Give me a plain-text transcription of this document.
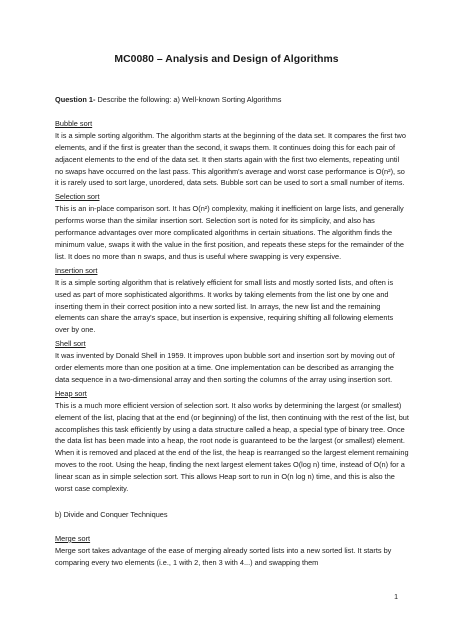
MC0080 – Analysis and Design of Algorithms

Question 1- Describe the following: a) Well-known Sorting Algorithms

Bubble sort

It is a simple sorting algorithm. The algorithm starts at the beginning of the data set. It compares the first two elements, and if the first is greater than the second, it swaps them. It continues doing this for each pair of adjacent elements to the end of the data set. It then starts again with the first two elements, repeating until no swaps have occurred on the last pass. This algorithm's average and worst case performance is O(n²), so it is rarely used to sort large, unordered, data sets. Bubble sort can be used to sort a small number of items.

Selection sort

This is an in-place comparison sort. It has O(n²) complexity, making it inefficient on large lists, and generally performs worse than the similar insertion sort. Selection sort is noted for its simplicity, and also has performance advantages over more complicated algorithms in certain situations. The algorithm finds the minimum value, swaps it with the value in the first position, and repeats these steps for the remainder of the list. It does no more than n swaps, and thus is useful where swapping is very expensive.

Insertion sort

It is a simple sorting algorithm that is relatively efficient for small lists and mostly sorted lists, and often is used as part of more sophisticated algorithms. It works by taking elements from the list one by one and inserting them in their correct position into a new sorted list. In arrays, the new list and the remaining elements can share the array's space, but insertion is expensive, requiring shifting all following elements over by one.

Shell sort

It was invented by Donald Shell in 1959. It improves upon bubble sort and insertion sort by moving out of order elements more than one position at a time. One implementation can be described as arranging the data sequence in a two-dimensional array and then sorting the columns of the array using insertion sort.

Heap sort

This is a much more efficient version of selection sort. It also works by determining the largest (or smallest) element of the list, placing that at the end (or beginning) of the list, then continuing with the rest of the list, but accomplishes this task efficiently by using a data structure called a heap, a special type of binary tree. Once the data list has been made into a heap, the root node is guaranteed to be the largest (or smallest) element. When it is removed and placed at the end of the list, the heap is rearranged so the largest element remaining moves to the root. Using the heap, finding the next largest element takes O(log n) time, instead of O(n) for a linear scan as in simple selection sort. This allows Heap sort to run in O(n log n) time, and this is also the worst case complexity.

b) Divide and Conquer Techniques

Merge sort

Merge sort takes advantage of the ease of merging already sorted lists into a new sorted list. It starts by comparing every two elements (i.e., 1 with 2, then 3 with 4...) and swapping them

1
